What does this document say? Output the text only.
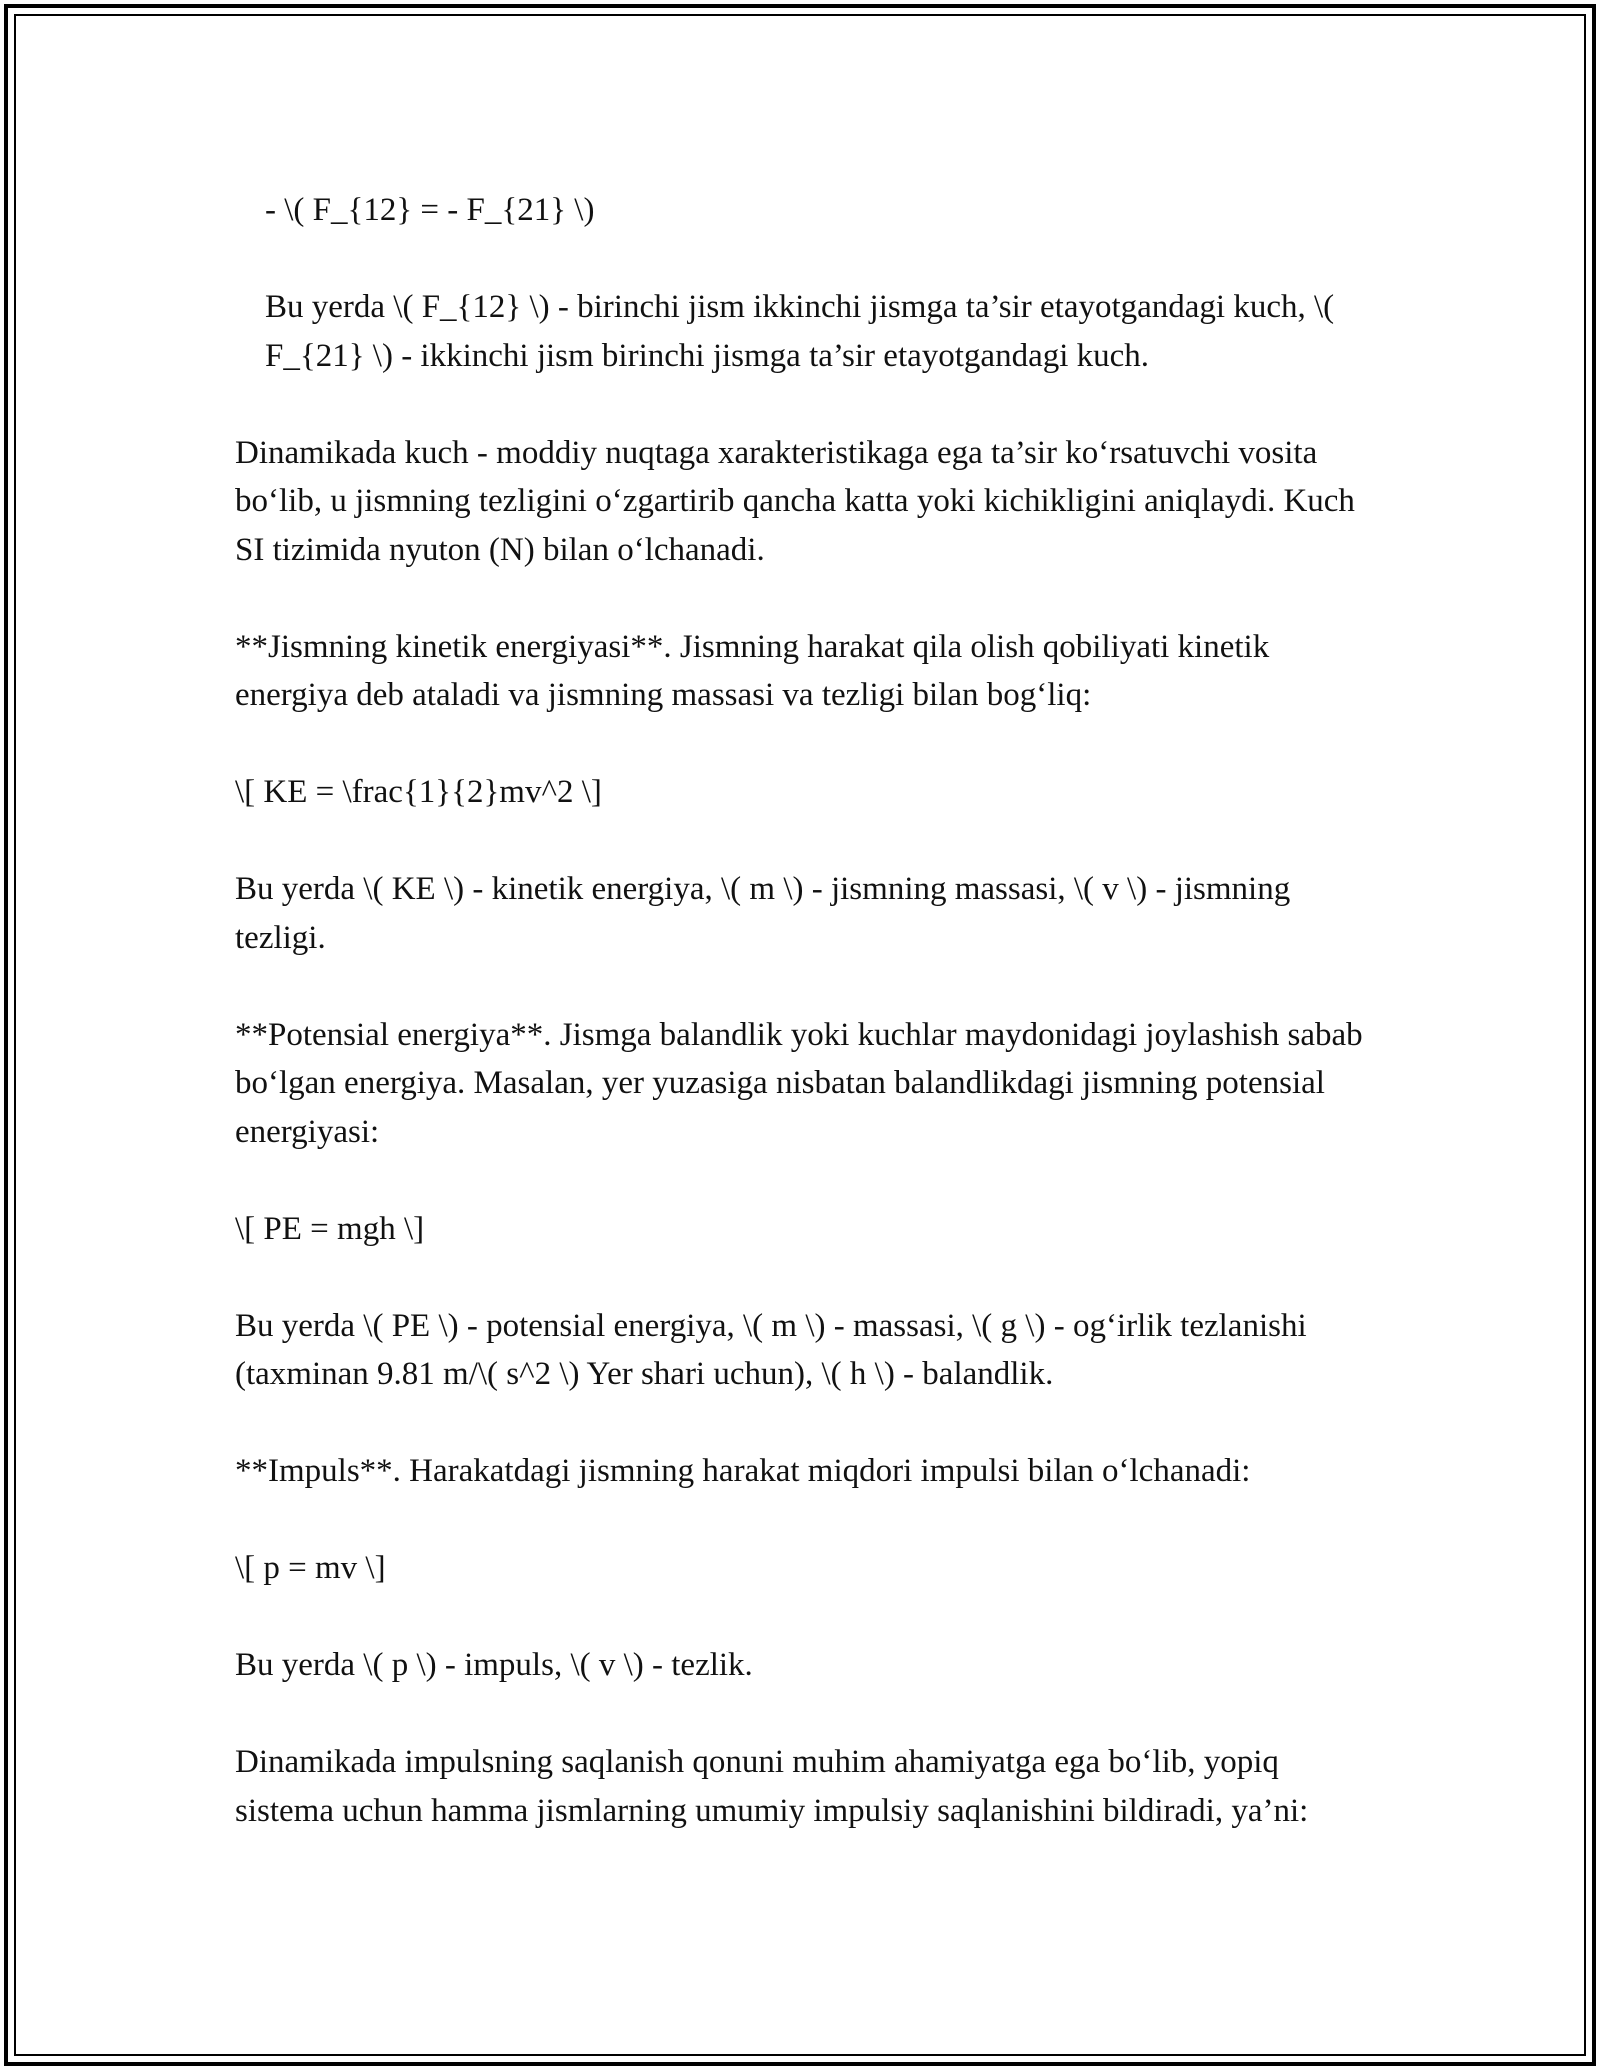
- \( F_{12} = - F_{21} \)

Bu yerda \( F_{12} \) - birinchi jism ikkinchi jismga ta’sir etayotgandagi kuch, \( F_{21} \) - ikkinchi jism birinchi jismga ta’sir etayotgandagi kuch.

Dinamikada kuch - moddiy nuqtaga xarakteristikaga ega ta’sir ko‘rsatuvchi vosita bo‘lib, u jismning tezligini o‘zgartirib qancha katta yoki kichikligini aniqlaydi. Kuch SI tizimida nyuton (N) bilan o‘lchanadi.

**Jismning kinetik energiyasi**. Jismning harakat qila olish qobiliyati kinetik energiya deb ataladi va jismning massasi va tezligi bilan bog‘liq:

\[ KE = \frac{1}{2}mv^2 \]

Bu yerda \( KE \) - kinetik energiya, \( m \) - jismning massasi, \( v \) - jismning tezligi.

**Potensial energiya**. Jismga balandlik yoki kuchlar maydonidagi joylashish sabab bo‘lgan energiya. Masalan, yer yuzasiga nisbatan balandlikdagi jismning potensial energiyasi:

\[ PE = mgh \]

Bu yerda \( PE \) - potensial energiya, \( m \) - massasi, \( g \) - og‘irlik tezlanishi (taxminan 9.81 m/\( s^2 \) Yer shari uchun), \( h \) - balandlik.

**Impuls**. Harakatdagi jismning harakat miqdori impulsi bilan o‘lchanadi:

\[ p = mv \]

Bu yerda \( p \) - impuls, \( v \) - tezlik.

Dinamikada impulsning saqlanish qonuni muhim ahamiyatga ega bo‘lib, yopiq sistema uchun hamma jismlarning umumiy impulsiy saqlanishini bildiradi, ya’ni:
